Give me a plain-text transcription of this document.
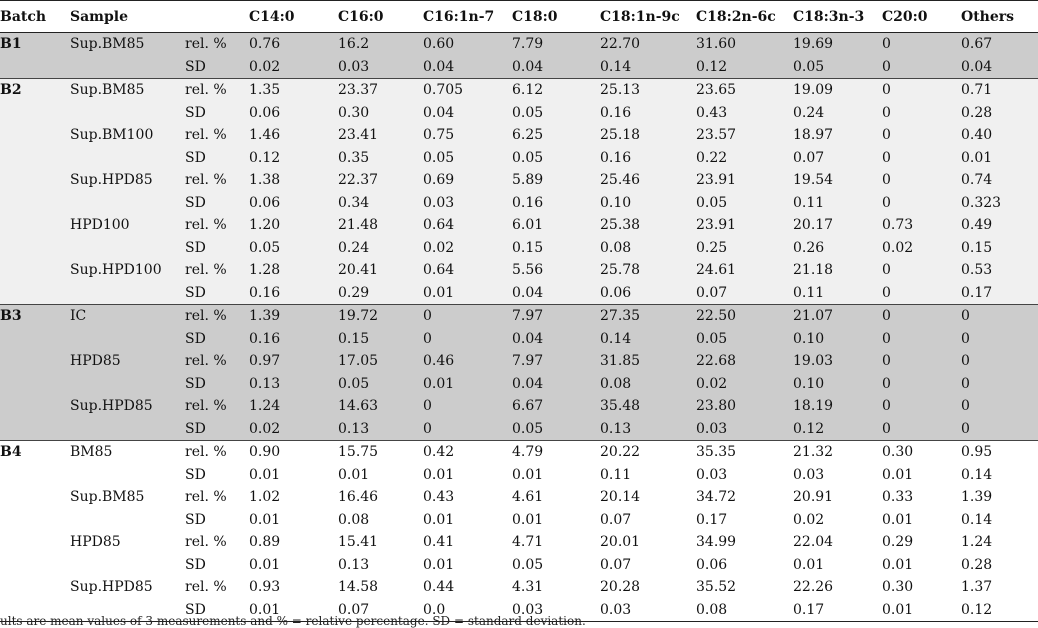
Batch	Sample		C14:0	C16:0	C16:1n-7	C18:0	C18:1n-9c	C18:2n-6c	C18:3n-3	C20:0	Others
B1	Sup.BM85	rel. %	0.76	16.2	0.60	7.79	22.70	31.60	19.69	0	0.67
		SD	0.02	0.03	0.04	0.04	0.14	0.12	0.05	0	0.04
B2	Sup.BM85	rel. %	1.35	23.37	0.705	6.12	25.13	23.65	19.09	0	0.71
		SD	0.06	0.30	0.04	0.05	0.16	0.43	0.24	0	0.28
	Sup.BM100	rel. %	1.46	23.41	0.75	6.25	25.18	23.57	18.97	0	0.40
		SD	0.12	0.35	0.05	0.05	0.16	0.22	0.07	0	0.01
	Sup.HPD85	rel. %	1.38	22.37	0.69	5.89	25.46	23.91	19.54	0	0.74
		SD	0.06	0.34	0.03	0.16	0.10	0.05	0.11	0	0.323
	HPD100	rel. %	1.20	21.48	0.64	6.01	25.38	23.91	20.17	0.73	0.49
		SD	0.05	0.24	0.02	0.15	0.08	0.25	0.26	0.02	0.15
	Sup.HPD100	rel. %	1.28	20.41	0.64	5.56	25.78	24.61	21.18	0	0.53
		SD	0.16	0.29	0.01	0.04	0.06	0.07	0.11	0	0.17
B3	IC	rel. %	1.39	19.72	0	7.97	27.35	22.50	21.07	0	0
		SD	0.16	0.15	0	0.04	0.14	0.05	0.10	0	0
	HPD85	rel. %	0.97	17.05	0.46	7.97	31.85	22.68	19.03	0	0
		SD	0.13	0.05	0.01	0.04	0.08	0.02	0.10	0	0
	Sup.HPD85	rel. %	1.24	14.63	0	6.67	35.48	23.80	18.19	0	0
		SD	0.02	0.13	0	0.05	0.13	0.03	0.12	0	0
B4	BM85	rel. %	0.90	15.75	0.42	4.79	20.22	35.35	21.32	0.30	0.95
		SD	0.01	0.01	0.01	0.01	0.11	0.03	0.03	0.01	0.14
	Sup.BM85	rel. %	1.02	16.46	0.43	4.61	20.14	34.72	20.91	0.33	1.39
		SD	0.01	0.08	0.01	0.01	0.07	0.17	0.02	0.01	0.14
	HPD85	rel. %	0.89	15.41	0.41	4.71	20.01	34.99	22.04	0.29	1.24
		SD	0.01	0.13	0.01	0.05	0.07	0.06	0.01	0.01	0.28
	Sup.HPD85	rel. %	0.93	14.58	0.44	4.31	20.28	35.52	22.26	0.30	1.37
		SD	0.01	0.07	0.0	0.03	0.03	0.08	0.17	0.01	0.12
ults are mean values of 3 measurements and % = relative percentage. SD = standard deviation.
